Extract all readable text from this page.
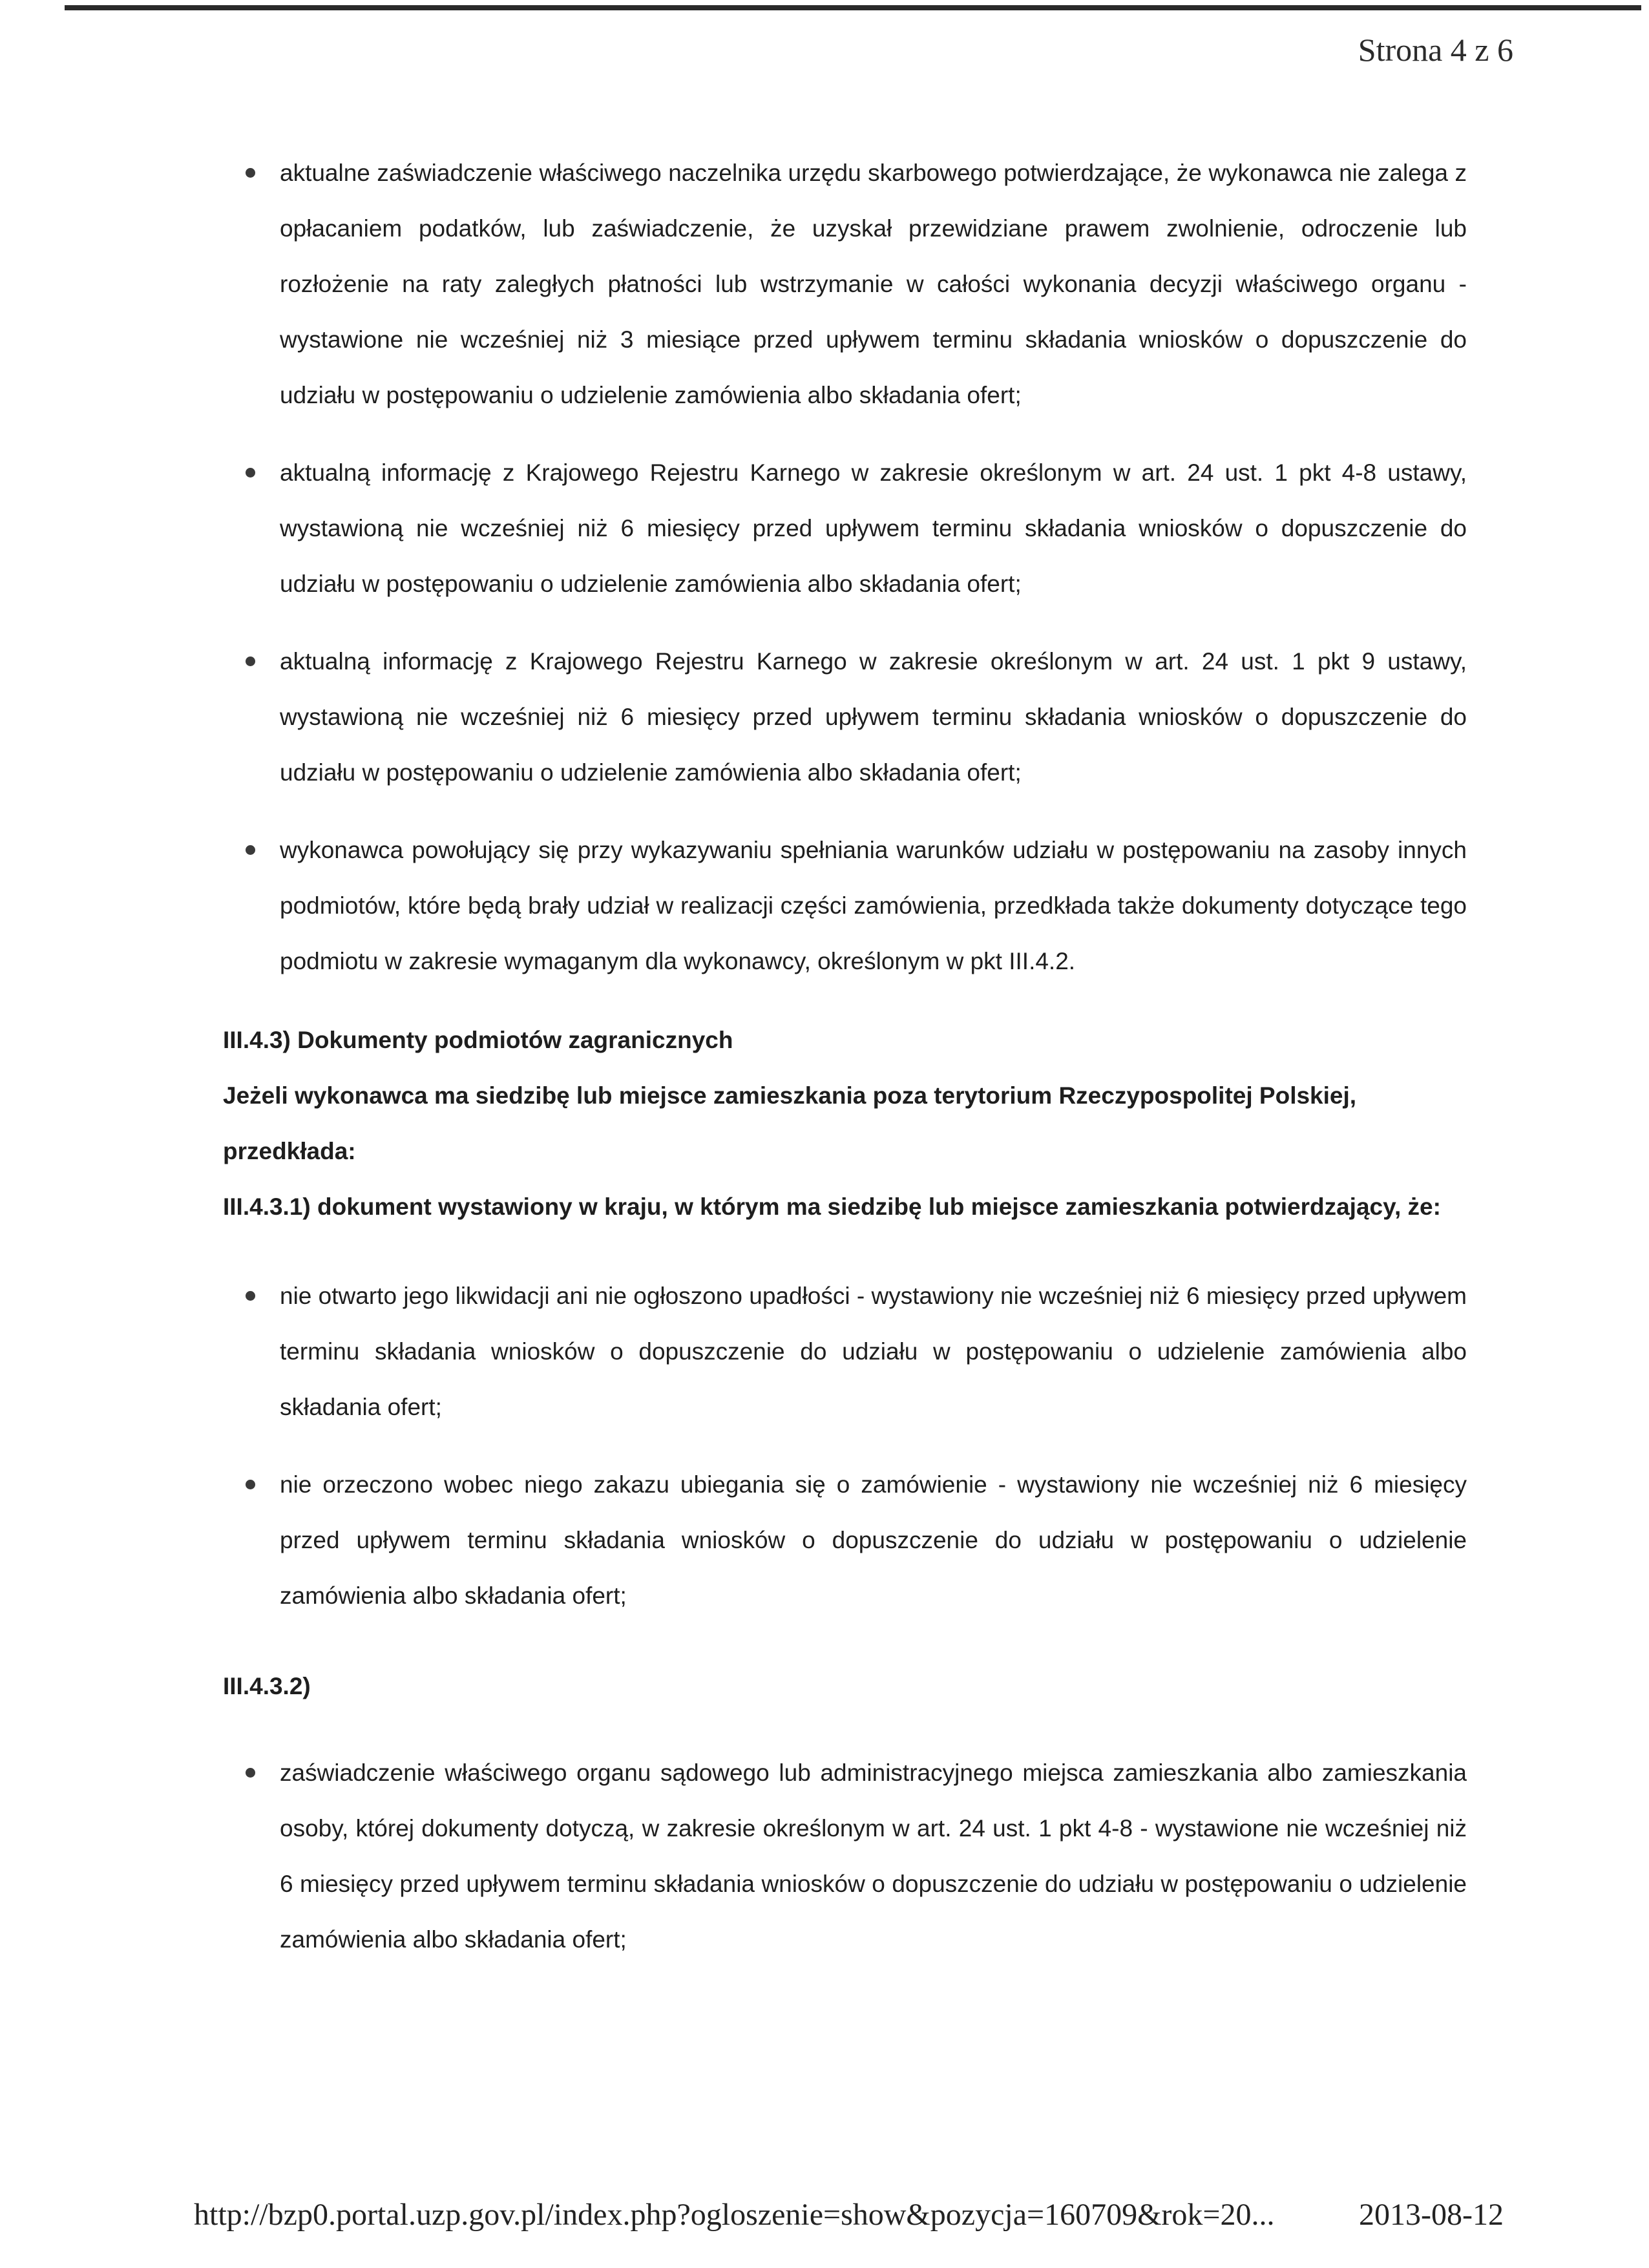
Strona 4 z 6
aktualne zaświadczenie właściwego naczelnika urzędu skarbowego potwierdzające, że wykonawca nie zalega z opłacaniem podatków, lub zaświadczenie, że uzyskał przewidziane prawem zwolnienie, odroczenie lub rozłożenie na raty zaległych płatności lub wstrzymanie w całości wykonania decyzji właściwego organu - wystawione nie wcześniej niż 3 miesiące przed upływem terminu składania wniosków o dopuszczenie do udziału w postępowaniu o udzielenie zamówienia albo składania ofert;
aktualną informację z Krajowego Rejestru Karnego w zakresie określonym w art. 24 ust. 1 pkt 4-8 ustawy, wystawioną nie wcześniej niż 6 miesięcy przed upływem terminu składania wniosków o dopuszczenie do udziału w postępowaniu o udzielenie zamówienia albo składania ofert;
aktualną informację z Krajowego Rejestru Karnego w zakresie określonym w art. 24 ust. 1 pkt 9 ustawy, wystawioną nie wcześniej niż 6 miesięcy przed upływem terminu składania wniosków o dopuszczenie do udziału w postępowaniu o udzielenie zamówienia albo składania ofert;
wykonawca powołujący się przy wykazywaniu spełniania warunków udziału w postępowaniu na zasoby innych podmiotów, które będą brały udział w realizacji części zamówienia, przedkłada także dokumenty dotyczące tego podmiotu w zakresie wymaganym dla wykonawcy, określonym w pkt III.4.2.
III.4.3) Dokumenty podmiotów zagranicznych
Jeżeli wykonawca ma siedzibę lub miejsce zamieszkania poza terytorium Rzeczypospolitej Polskiej, przedkłada:
III.4.3.1) dokument wystawiony w kraju, w którym ma siedzibę lub miejsce zamieszkania potwierdzający, że:
nie otwarto jego likwidacji ani nie ogłoszono upadłości - wystawiony nie wcześniej niż 6 miesięcy przed upływem terminu składania wniosków o dopuszczenie do udziału w postępowaniu o udzielenie zamówienia albo składania ofert;
nie orzeczono wobec niego zakazu ubiegania się o zamówienie - wystawiony nie wcześniej niż 6 miesięcy przed upływem terminu składania wniosków o dopuszczenie do udziału w postępowaniu o udzielenie zamówienia albo składania ofert;
III.4.3.2)
zaświadczenie właściwego organu sądowego lub administracyjnego miejsca zamieszkania albo zamieszkania osoby, której dokumenty dotyczą, w zakresie określonym w art. 24 ust. 1 pkt 4-8 - wystawione nie wcześniej niż 6 miesięcy przed upływem terminu składania wniosków o dopuszczenie do udziału w postępowaniu o udzielenie zamówienia albo składania ofert;
http://bzp0.portal.uzp.gov.pl/index.php?ogloszenie=show&pozycja=160709&rok=20...	2013-08-12
